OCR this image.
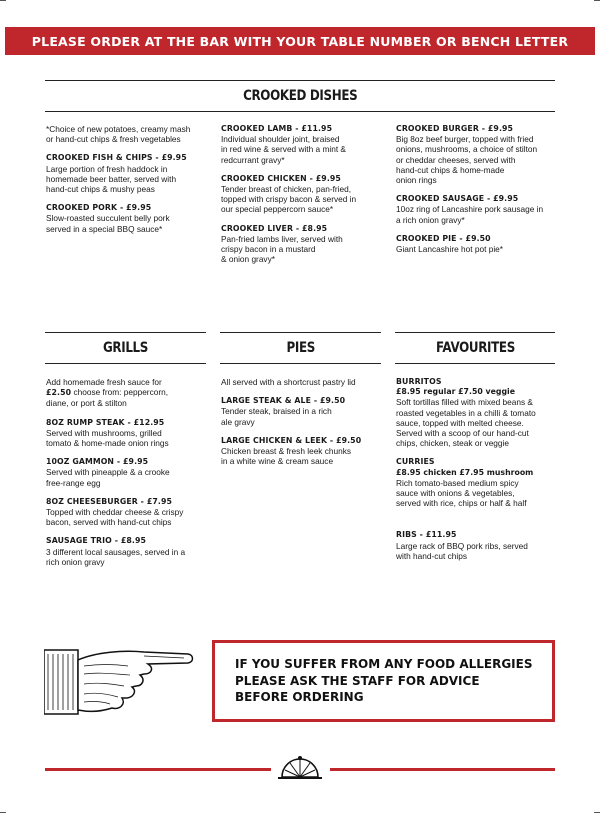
PLEASE ORDER AT THE BAR WITH YOUR TABLE NUMBER OR BENCH LETTER
CROOKED DISHES
*Choice of new potatoes, creamy mash
or hand-cut chips & fresh vegetables
CROOKED FISH & CHIPS - £9.95
Large portion of fresh haddock in
homemade beer batter, served with
hand-cut chips & mushy peas
CROOKED PORK - £9.95
Slow-roasted succulent belly pork
served in a special BBQ sauce*
CROOKED LAMB - £11.95
Individual shoulder joint, braised
in red wine & served with a mint &
redcurrant gravy*
CROOKED CHICKEN - £9.95
Tender breast of chicken, pan-fried,
topped with crispy bacon & served in
our special peppercorn sauce*
CROOKED LIVER - £8.95
Pan-fried lambs liver, served with
crispy bacon in a mustard
& onion gravy*
CROOKED BURGER - £9.95
Big 8oz beef burger, topped with fried
onions, mushrooms, a choice of stilton
or cheddar cheeses, served with
hand-cut chips & home-made
onion rings
CROOKED SAUSAGE - £9.95
10oz ring of Lancashire pork sausage in
a rich onion gravy*
CROOKED PIE - £9.50
Giant Lancashire hot pot pie*
GRILLS	PIES	FAVOURITES
Add homemade fresh sauce for
£2.50 choose from: peppercorn,
diane, or port & stilton
8OZ RUMP STEAK - £12.95
Served with mushrooms, grilled
tomato & home-made onion rings
10OZ GAMMON - £9.95
Served with pineapple & a crooke
free-range egg
8OZ CHEESEBURGER - £7.95
Topped with cheddar cheese & crispy
bacon, served with hand-cut chips
SAUSAGE TRIO - £8.95
3 different local sausages, served in a
rich onion gravy
All served with a shortcrust pastry lid
LARGE STEAK & ALE - £9.50
Tender steak, braised in a rich
ale gravy
LARGE CHICKEN & LEEK - £9.50
Chicken breast & fresh leek chunks
in a white wine & cream sauce
BURRITOS
£8.95 regular £7.50 veggie
Soft tortillas filled with mixed beans &
roasted vegetables in a chilli & tomato
sauce, topped with melted cheese.
Served with a scoop of our hand-cut
chips, chicken, steak or veggie
CURRIES
£8.95 chicken £7.95 mushroom
Rich tomato-based medium spicy
sauce with onions & vegetables,
served with rice, chips or half & half
RIBS - £11.95
Large rack of BBQ pork ribs, served
with hand-cut chips
IF YOU SUFFER FROM ANY FOOD ALLERGIES
PLEASE ASK THE STAFF FOR ADVICE
BEFORE ORDERING
